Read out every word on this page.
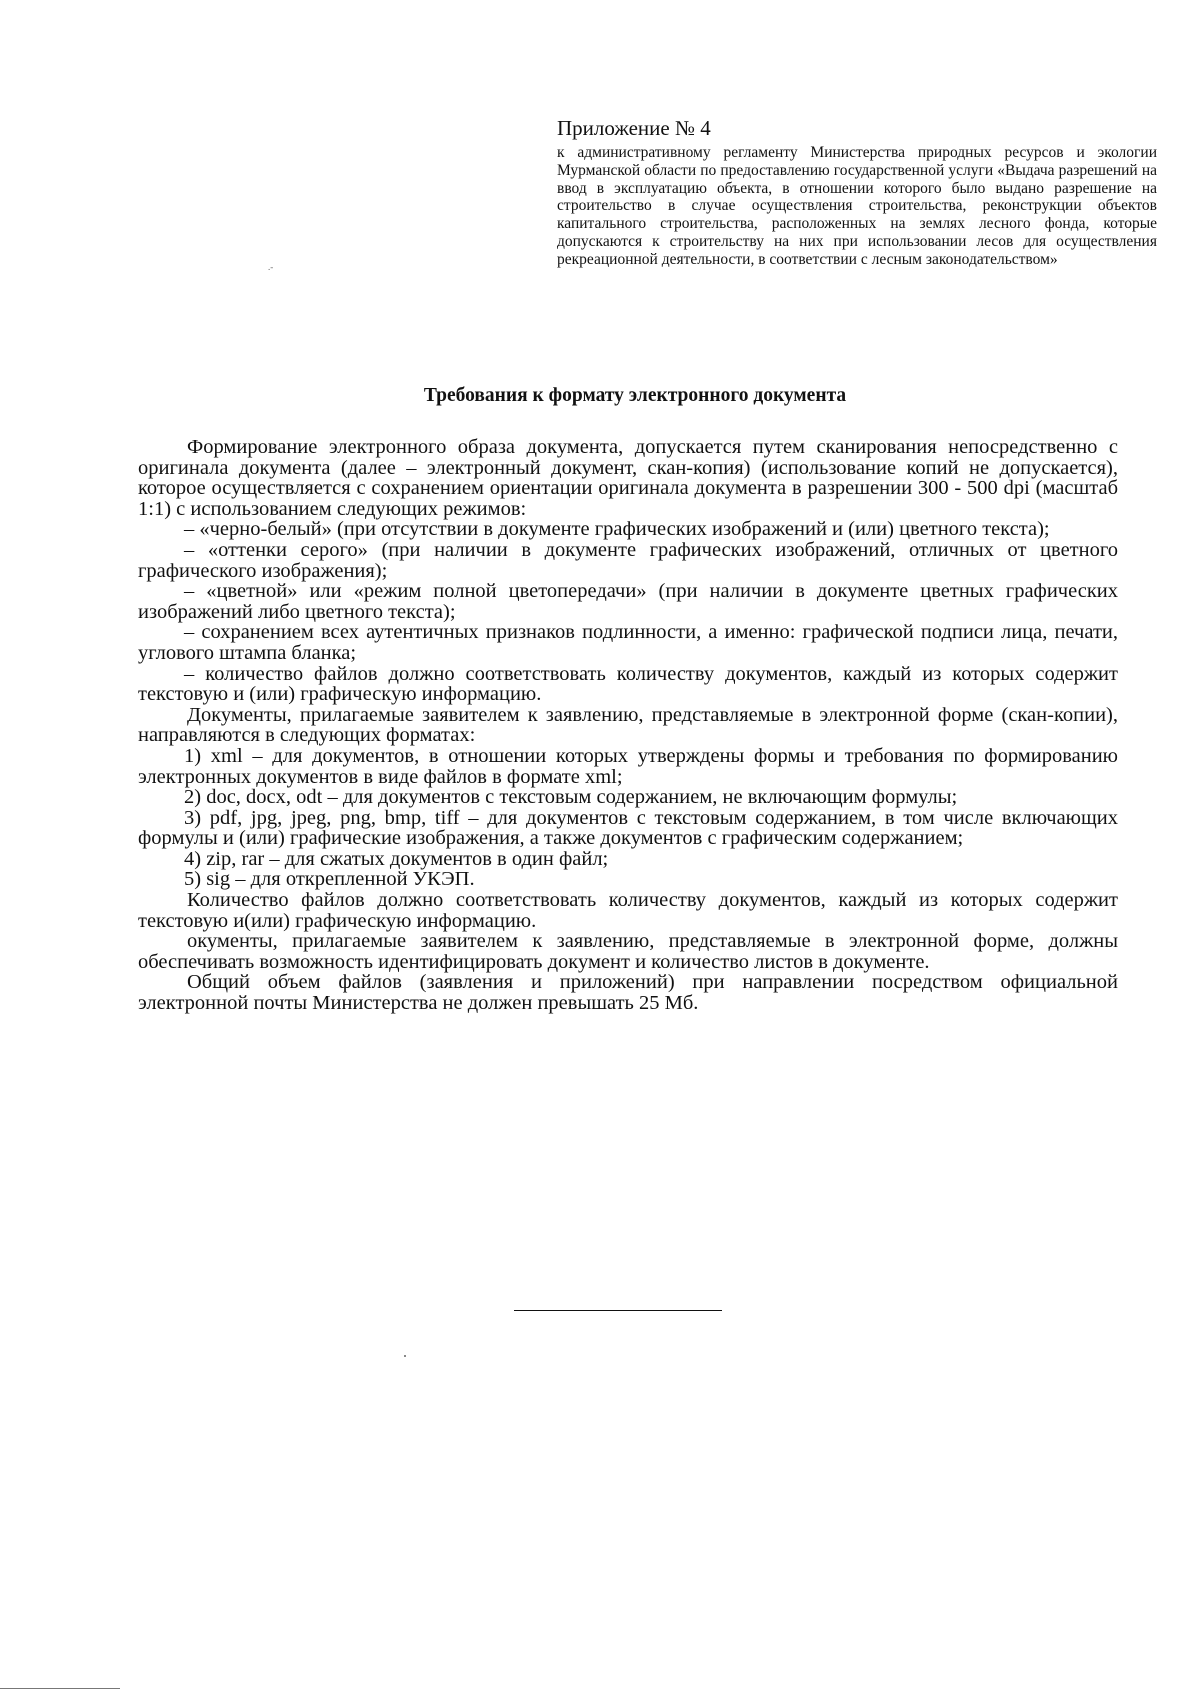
Приложение № 4

к административному регламенту Министерства природных ресурсов и экологии Мурманской области по предоставлению государственной услуги «Выдача разрешений на ввод в эксплуатацию объекта, в отношении которого было выдано разрешение на строительство в случае осуществления строительства, реконструкции объектов капитального строительства, расположенных на землях лесного фонда, которые допускаются к строительству на них при использовании лесов для осуществления рекреационной деятельности, в соответствии с лесным законодательством»

.-

Требования к формату электронного документа

Формирование электронного образа документа, допускается путем сканирования непосредственно с оригинала документа (далее – электронный документ, скан-копия) (использование копий не допускается), которое осуществляется с сохранением ориентации оригинала документа в разрешении 300 - 500 dpi (масштаб 1:1) с использованием следующих режимов:

– «черно-белый» (при отсутствии в документе графических изображений и (или) цветного текста);

– «оттенки серого» (при наличии в документе графических изображений, отличных от цветного графического изображения);

– «цветной» или «режим полной цветопередачи» (при наличии в документе цветных графических изображений либо цветного текста);

– сохранением всех аутентичных признаков подлинности, а именно: графической подписи лица, печати, углового штампа бланка;

– количество файлов должно соответствовать количеству документов, каждый из которых содержит текстовую и (или) графическую информацию.

Документы, прилагаемые заявителем к заявлению, представляемые в электронной форме (скан-копии), направляются в следующих форматах:

1) xml – для документов, в отношении которых утверждены формы и требования по формированию электронных документов в виде файлов в формате xml;

2) doc, docx, odt – для документов с текстовым содержанием, не включающим формулы;

3) pdf, jpg, jpeg, png, bmp, tiff – для документов с текстовым содержанием, в том числе включающих формулы и (или) графические изображения, а также документов с графическим содержанием;

4) zip, rar – для сжатых документов в один файл;

5) sig – для открепленной УКЭП.

Количество файлов должно соответствовать количеству документов, каждый из которых содержит текстовую и(или) графическую информацию.

окументы, прилагаемые заявителем к заявлению, представляемые в электронной форме, должны обеспечивать возможность идентифицировать документ и количество листов в документе.

Общий объем файлов (заявления и приложений) при направлении посредством официальной электронной почты Министерства не должен превышать 25 Мб.
